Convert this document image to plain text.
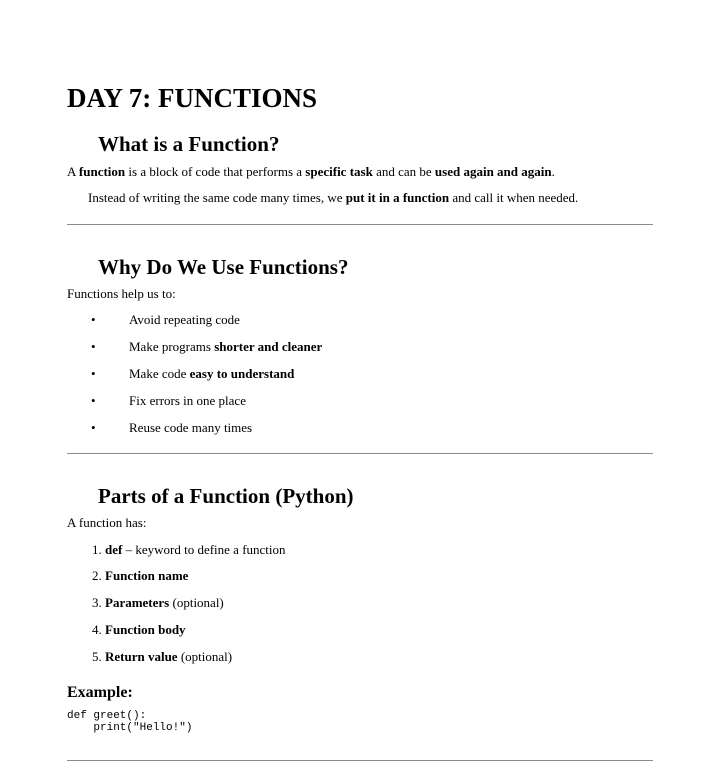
DAY 7: FUNCTIONS
What is a Function?
A function is a block of code that performs a specific task and can be used again and again.
Instead of writing the same code many times, we put it in a function and call it when needed.
Why Do We Use Functions?
Functions help us to:
•	Avoid repeating code
•	Make programs shorter and cleaner
•	Make code easy to understand
•	Fix errors in one place
•	Reuse code many times
Parts of a Function (Python)
A function has:
1. def – keyword to define a function
2. Function name
3. Parameters (optional)
4. Function body
5. Return value (optional)
Example:
def greet():
print("Hello!")
